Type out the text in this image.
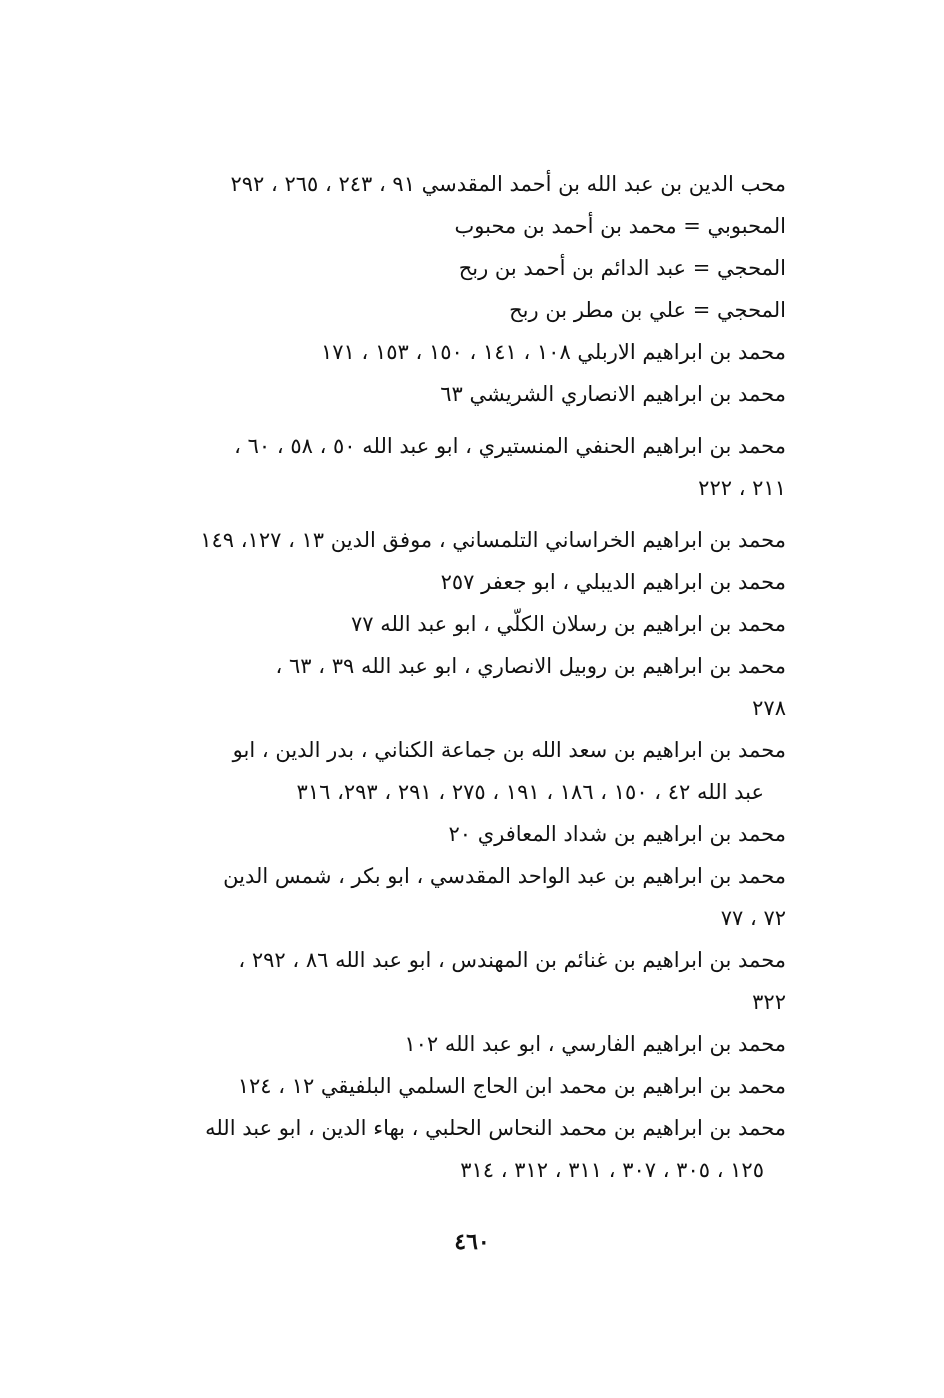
محب الدين بن عبد الله بن أحمد المقدسي ٩١ ، ٢٤٣ ، ٢٦٥ ، ٢٩٢
المحبوبي = محمد بن أحمد بن محبوب
المحجي = عبد الدائم بن أحمد بن ربح
المحجي = علي بن مطر بن ربح
محمد بن ابراهيم الاربلي ١٠٨ ، ١٤١ ، ١٥٠ ، ١٥٣ ، ١٧١
محمد بن ابراهيم الانصاري الشريشي ٦٣
محمد بن ابراهيم الحنفي المنستيري ، ابو عبد الله ٥٠ ، ٥٨ ، ٦٠ ،
٢١١ ، ٢٢٢
محمد بن ابراهيم الخراساني التلمساني ، موفق الدين ١٣ ، ١٢٧، ١٤٩
محمد بن ابراهيم الديبلي ، ابو جعفر ٢٥٧
محمد بن ابراهيم بن رسلان الكلّي ، ابو عبد الله ٧٧
محمد بن ابراهيم بن روبيل الانصاري ، ابو عبد الله ٣٩ ، ٦٣ ،
٢٧٨
محمد بن ابراهيم بن سعد الله بن جماعة الكناني ، بدر الدين ، ابو
عبد الله ٤٢ ، ١٥٠ ، ١٨٦ ، ١٩١ ، ٢٧٥ ، ٢٩١ ، ٢٩٣، ٣١٦
محمد بن ابراهيم بن شداد المعافري ٢٠
محمد بن ابراهيم بن عبد الواحد المقدسي ، ابو بكر ، شمس الدين
٧٢ ، ٧٧
محمد بن ابراهيم بن غنائم بن المهندس ، ابو عبد الله ٨٦ ، ٢٩٢ ،
٣٢٢
محمد بن ابراهيم الفارسي ، ابو عبد الله ١٠٢
محمد بن ابراهيم بن محمد ابن الحاج السلمي البلفيقي ١٢ ، ١٢٤
محمد بن ابراهيم بن محمد النحاس الحلبي ، بهاء الدين ، ابو عبد الله
١٢٥ ، ٣٠٥ ، ٣٠٧ ، ٣١١ ، ٣١٢ ، ٣١٤
٤٦٠
